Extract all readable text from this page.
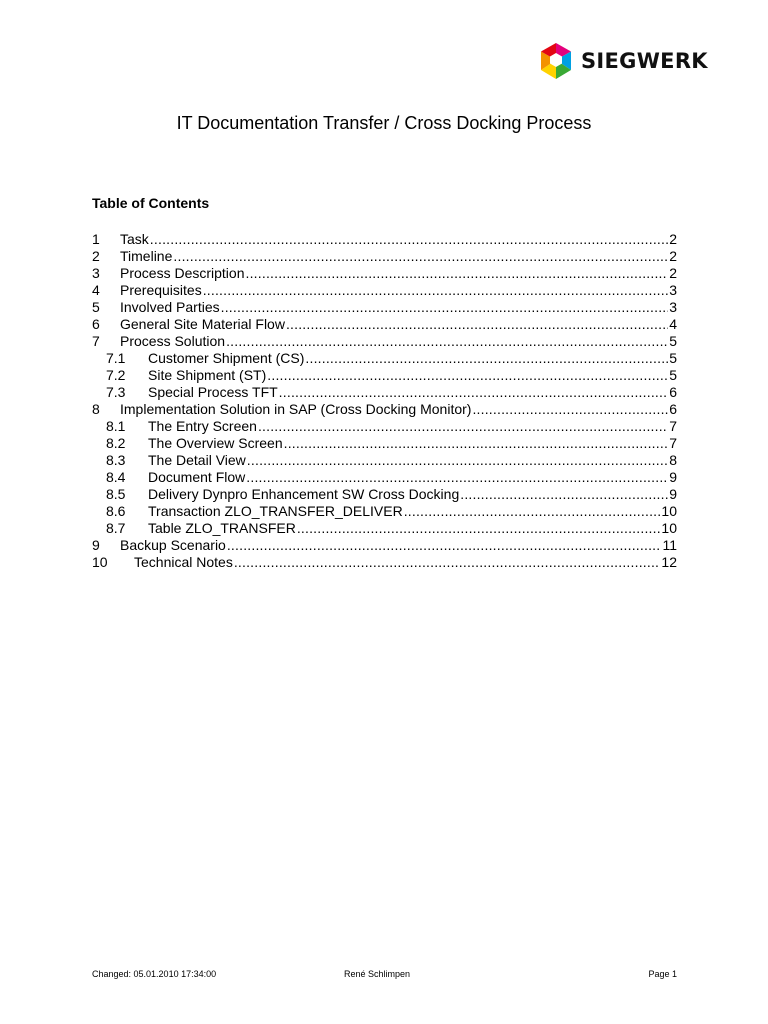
SIEGWERK
IT Documentation Transfer / Cross Docking Process
Table of Contents
1	Task .....	2
2	Timeline .....	2
3	Process Description .....	2
4	Prerequisites .....	3
5	Involved Parties .....	3
6	General Site Material Flow .....	4
7	Process Solution .....	5
7.1	Customer Shipment (CS) .....	5
7.2	Site Shipment (ST) .....	5
7.3	Special Process TFT .....	6
8	Implementation Solution in SAP (Cross Docking Monitor) .....	6
8.1	The Entry Screen .....	7
8.2	The Overview Screen .....	7
8.3	The Detail View .....	8
8.4	Document Flow .....	9
8.5	Delivery Dynpro Enhancement SW Cross Docking .....	9
8.6	Transaction ZLO_TRANSFER_DELIVER .....	10
8.7	Table ZLO_TRANSFER .....	10
9	Backup Scenario .....	11
10	Technical Notes .....	12
Changed: 05.01.2010 17:34:00	René Schlimpen	Page 1
